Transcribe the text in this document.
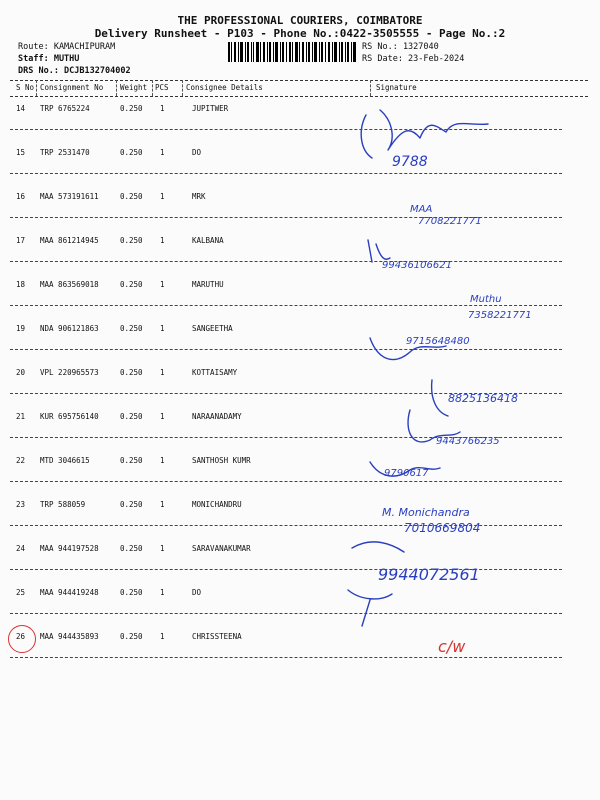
THE PROFESSIONAL COURIERS, COIMBATORE
Delivery Runsheet - P103 - Phone No.:0422-3505555 - Page No.:2
Route: KAMACHIPURAM
Staff: MUTHU
DRS No.: DCJB132704002
RS No.: 1327040
RS Date: 23-Feb-2024
S No Consignment No Weight PCS Consignee Details	Signature
14 TRP 6765224	0.250 1	JUPITWER
15 TRP 2531470	0.250 1	DO
16 MAA 573191611	0.250 1	MRK
17 MAA 861214945	0.250 1	KALBANA
18 MAA 863569018	0.250 1	MARUTHU
19 NDA 906121863	0.250 1	SANGEETHA
20 VPL 220965573	0.250 1	KOTTAISAMY
21 KUR 695756140	0.250 1	NARAANADAMY
22 MTD 3046615	0.250 1	SANTHOSH KUMR
23 TRP 588059	0.250 1	MONICHANDRU
24 MAA 944197528	0.250 1	SARAVANAKUMAR
25 MAA 944419248	0.250 1	DO
26 MAA 944435893	0.250 1	CHRISSTEENA
9788
MAA
7708221771
99436106621
Muthu
7358221771
9715648480
8825136418
9443766235
9790617
M. Monichandra
7010669804
9944072561
c/w
